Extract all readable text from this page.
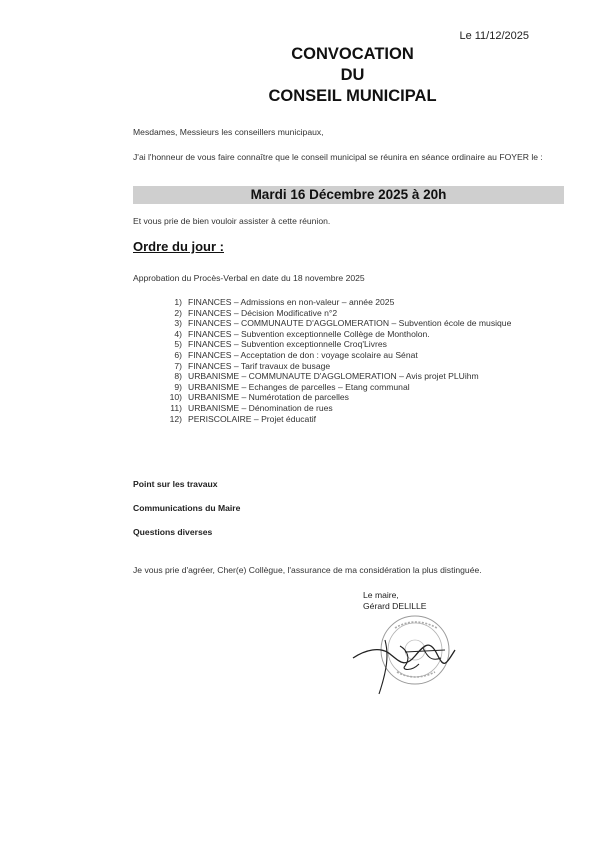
Le 11/12/2025
CONVOCATION
DU
CONSEIL MUNICIPAL
Mesdames, Messieurs les conseillers municipaux,
J'ai l'honneur de vous faire connaître que le conseil municipal se réunira en séance ordinaire au FOYER le :
Mardi 16 Décembre 2025 à 20h
Et vous prie de bien vouloir assister à cette réunion.
Ordre du jour :
Approbation du Procès-Verbal en date du 18 novembre 2025
1) FINANCES – Admissions en non-valeur – année 2025
2) FINANCES – Décision Modificative n°2
3) FINANCES – COMMUNAUTE D'AGGLOMERATION – Subvention école de musique
4) FINANCES – Subvention exceptionnelle Collège de Montholon.
5) FINANCES – Subvention exceptionnelle Croq'Livres
6) FINANCES – Acceptation de don : voyage scolaire au Sénat
7) FINANCES – Tarif travaux de busage
8) URBANISME – COMMUNAUTE D'AGGLOMERATION – Avis projet PLUihm
9) URBANISME – Echanges de parcelles – Etang communal
10) URBANISME – Numérotation de parcelles
11) URBANISME – Dénomination de rues
12) PERISCOLAIRE – Projet éducatif
Point sur les travaux
Communications du Maire
Questions diverses
Je vous prie d'agréer, Cher(e) Collègue, l'assurance de ma considération la plus distinguée.
Le maire,
Gérard DELILLE
